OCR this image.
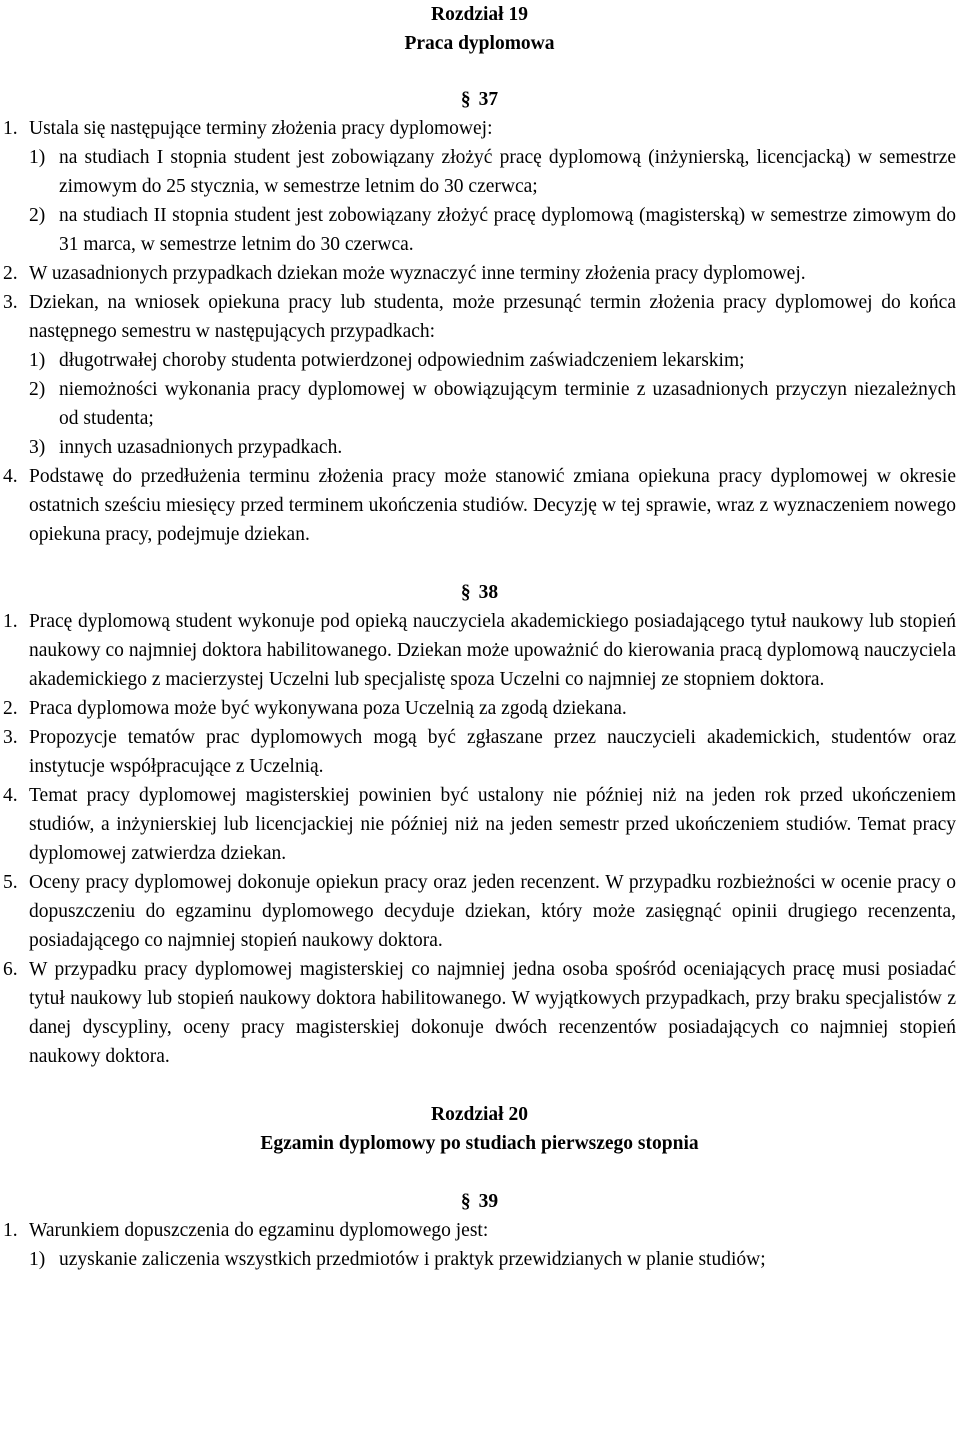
Rozdział 19

Praca dyplomowa

§ 37

1. Ustala się następujące terminy złożenia pracy dyplomowej:
1) na studiach I stopnia student jest zobowiązany złożyć pracę dyplomową (inżynierską, licencjacką) w semestrze zimowym do 25 stycznia, w semestrze letnim do 30 czerwca;
2) na studiach II stopnia student jest zobowiązany złożyć pracę dyplomową (magisterską) w semestrze zimowym do 31 marca, w semestrze letnim do 30 czerwca.
2. W uzasadnionych przypadkach dziekan może wyznaczyć inne terminy złożenia pracy dyplomowej.
3. Dziekan, na wniosek opiekuna pracy lub studenta, może przesunąć termin złożenia pracy dyplomowej do końca następnego semestru w następujących przypadkach:
1) długotrwałej choroby studenta potwierdzonej odpowiednim zaświadczeniem lekarskim;
2) niemożności wykonania pracy dyplomowej w obowiązującym terminie z uzasadnionych przyczyn niezależnych od studenta;
3) innych uzasadnionych przypadkach.
4. Podstawę do przedłużenia terminu złożenia pracy może stanowić zmiana opiekuna pracy dyplomowej w okresie ostatnich sześciu miesięcy przed terminem ukończenia studiów. Decyzję w tej sprawie, wraz z wyznaczeniem nowego opiekuna pracy, podejmuje dziekan.

§ 38

1. Pracę dyplomową student wykonuje pod opieką nauczyciela akademickiego posiadającego tytuł naukowy lub stopień naukowy co najmniej doktora habilitowanego. Dziekan może upoważnić do kierowania pracą dyplomową nauczyciela akademickiego z macierzystej Uczelni lub specjalistę spoza Uczelni co najmniej ze stopniem doktora.
2. Praca dyplomowa może być wykonywana poza Uczelnią za zgodą dziekana.
3. Propozycje tematów prac dyplomowych mogą być zgłaszane przez nauczycieli akademickich, studentów oraz instytucje współpracujące z Uczelnią.
4. Temat pracy dyplomowej magisterskiej powinien być ustalony nie później niż na jeden rok przed ukończeniem studiów, a inżynierskiej lub licencjackiej nie później niż na jeden semestr przed ukończeniem studiów. Temat pracy dyplomowej zatwierdza dziekan.
5. Oceny pracy dyplomowej dokonuje opiekun pracy oraz jeden recenzent. W przypadku rozbieżności w ocenie pracy o dopuszczeniu do egzaminu dyplomowego decyduje dziekan, który może zasięgnąć opinii drugiego recenzenta, posiadającego co najmniej stopień naukowy doktora.
6. W przypadku pracy dyplomowej magisterskiej co najmniej jedna osoba spośród oceniających pracę musi posiadać tytuł naukowy lub stopień naukowy doktora habilitowanego. W wyjątkowych przypadkach, przy braku specjalistów z danej dyscypliny, oceny pracy magisterskiej dokonuje dwóch recenzentów posiadających co najmniej stopień naukowy doktora.

Rozdział 20

Egzamin dyplomowy po studiach pierwszego stopnia

§ 39

1. Warunkiem dopuszczenia do egzaminu dyplomowego jest:
1) uzyskanie zaliczenia wszystkich przedmiotów i praktyk przewidzianych w planie studiów;
